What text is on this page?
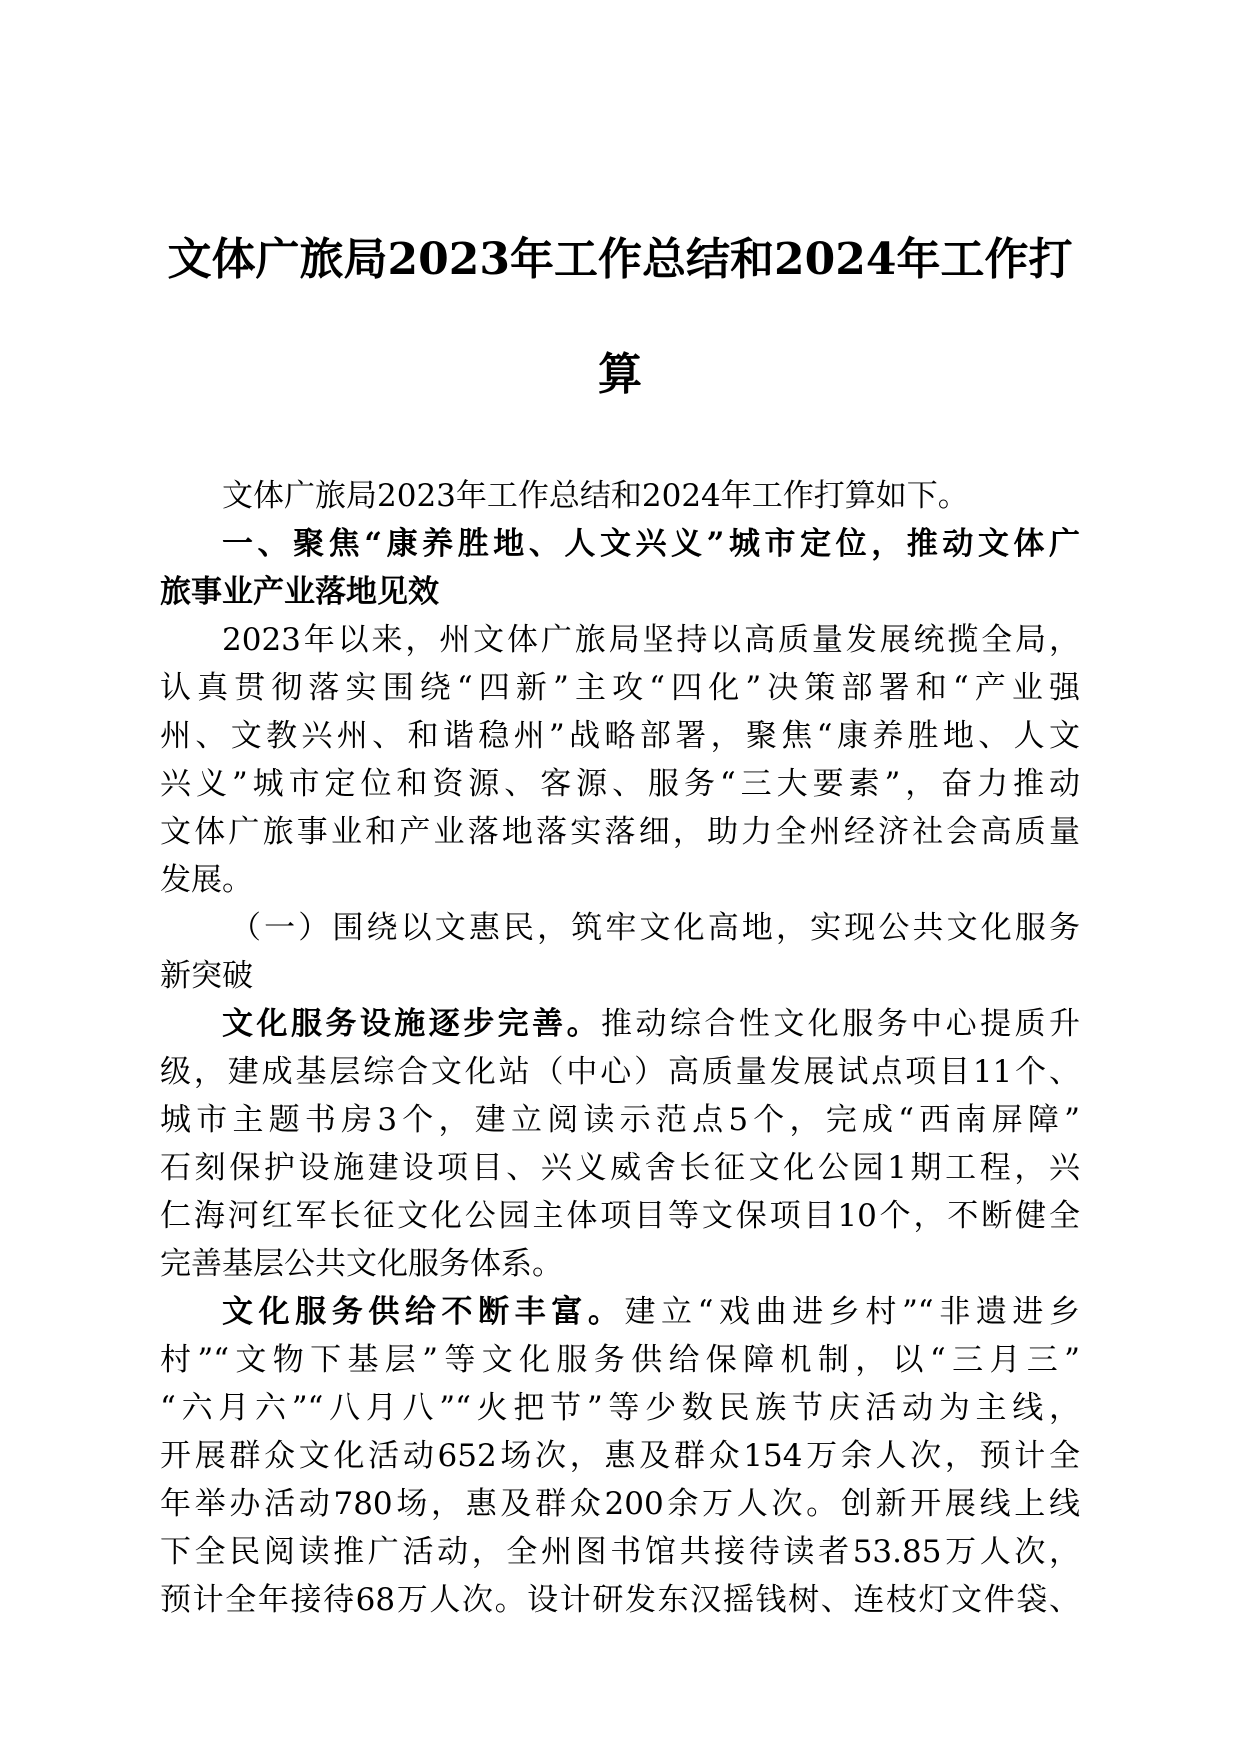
文体广旅局2023年工作总结和2024年工作打
算
文体广旅局2023年工作总结和2024年工作打算如下。
一、聚焦“康养胜地、人文兴义”城市定位，推动文体广
旅事业产业落地见效
2023年以来，州文体广旅局坚持以高质量发展统揽全局，
认真贯彻落实围绕“四新”主攻“四化”决策部署和“产业强
州、文教兴州、和谐稳州”战略部署，聚焦“康养胜地、人文
兴义”城市定位和资源、客源、服务“三大要素”，奋力推动
文体广旅事业和产业落地落实落细，助力全州经济社会高质量
发展。
（一）围绕以文惠民，筑牢文化高地，实现公共文化服务
新突破
文化服务设施逐步完善。推动综合性文化服务中心提质升
级，建成基层综合文化站（中心）高质量发展试点项目11个、
城市主题书房3个，建立阅读示范点5个，完成“西南屏障”
石刻保护设施建设项目、兴义威舍长征文化公园1期工程，兴
仁海河红军长征文化公园主体项目等文保项目10个，不断健全
完善基层公共文化服务体系。
文化服务供给不断丰富。建立“戏曲进乡村”“非遗进乡
村”“文物下基层”等文化服务供给保障机制，以“三月三”
“六月六”“八月八”“火把节”等少数民族节庆活动为主线，
开展群众文化活动652场次，惠及群众154万余人次，预计全
年举办活动780场，惠及群众200余万人次。创新开展线上线
下全民阅读推广活动，全州图书馆共接待读者53.85万人次，
预计全年接待68万人次。设计研发东汉摇钱树、连枝灯文件袋、
